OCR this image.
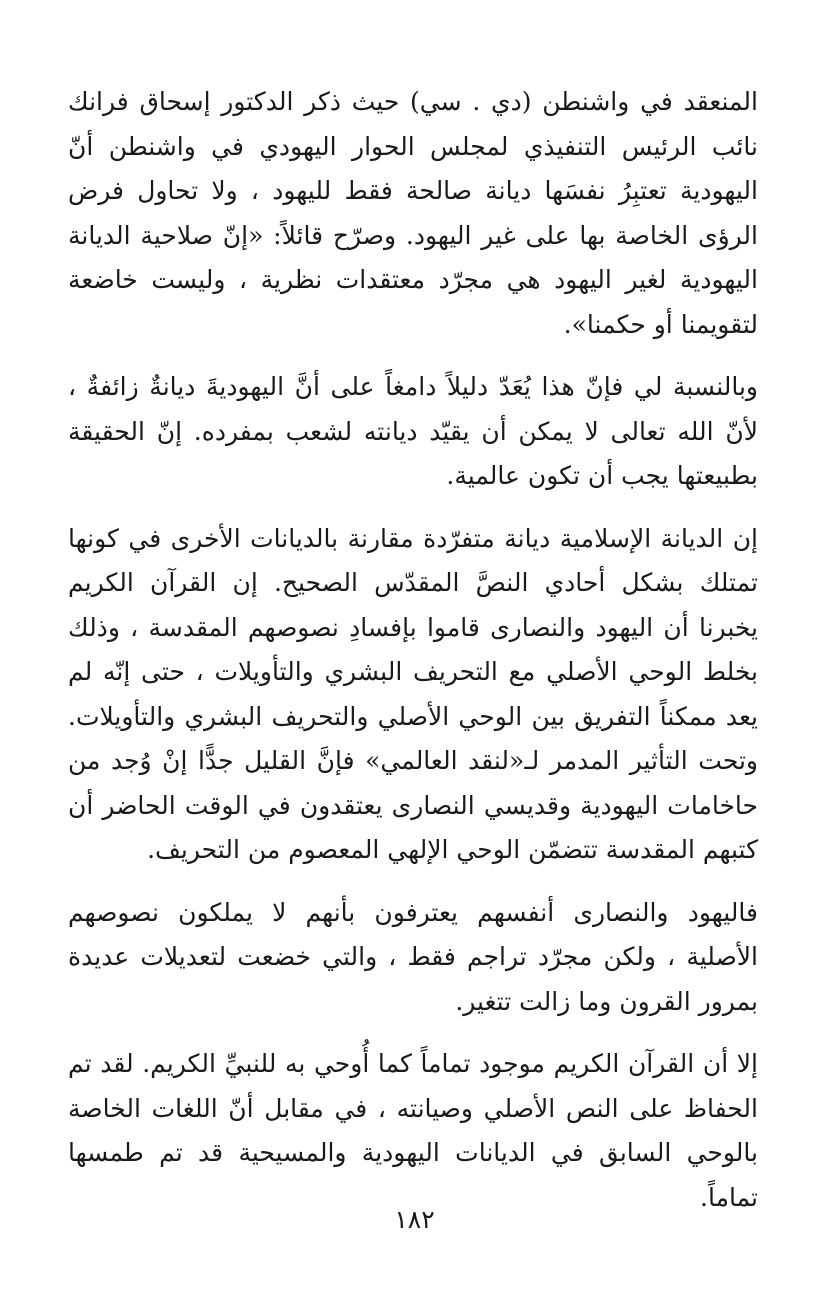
المنعقد في واشنطن (دي . سي) حيث ذكر الدكتور إسحاق فرانك نائب الرئيس التنفيذي لمجلس الحوار اليهودي في واشنطن أنّ اليهودية تعتبِرُ نفسَها ديانة صالحة فقط لليهود ، ولا تحاول فرض الرؤى الخاصة بها على غير اليهود. وصرّح قائلاً: «إنّ صلاحية الديانة اليهودية لغير اليهود هي مجرّد معتقدات نظرية ، وليست خاضعة لتقويمنا أو حكمنا».

وبالنسبة لي فإنّ هذا يُعَدّ دليلاً دامغاً على أنَّ اليهوديةَ ديانةٌ زائفةٌ ، لأنّ الله تعالى لا يمكن أن يقيّد ديانته لشعب بمفرده. إنّ الحقيقة بطبيعتها يجب أن تكون عالمية.

إن الديانة الإسلامية ديانة متفرّدة مقارنة بالديانات الأخرى في كونها تمتلك بشكل أحادي النصَّ المقدّس الصحيح. إن القرآن الكريم يخبرنا أن اليهود والنصارى قاموا بإفسادِ نصوصهم المقدسة ، وذلك بخلط الوحي الأصلي مع التحريف البشري والتأويلات ، حتى إنّه لم يعد ممكناً التفريق بين الوحي الأصلي والتحريف البشري والتأويلات. وتحت التأثير المدمر لـ«لنقد العالمي» فإنَّ القليل جدًّا إنْ وُجد من حاخامات اليهودية وقديسي النصارى يعتقدون في الوقت الحاضر أن كتبهم المقدسة تتضمّن الوحي الإلهي المعصوم من التحريف.

فاليهود والنصارى أنفسهم يعترفون بأنهم لا يملكون نصوصهم الأصلية ، ولكن مجرّد تراجم فقط ، والتي خضعت لتعديلات عديدة بمرور القرون وما زالت تتغير.

إلا أن القرآن الكريم موجود تماماً كما أُوحي به للنبيِّ الكريم. لقد تم الحفاظ على النص الأصلي وصيانته ، في مقابل أنّ اللغات الخاصة بالوحي السابق في الديانات اليهودية والمسيحية قد تم طمسها تماماً.

١٨٢
